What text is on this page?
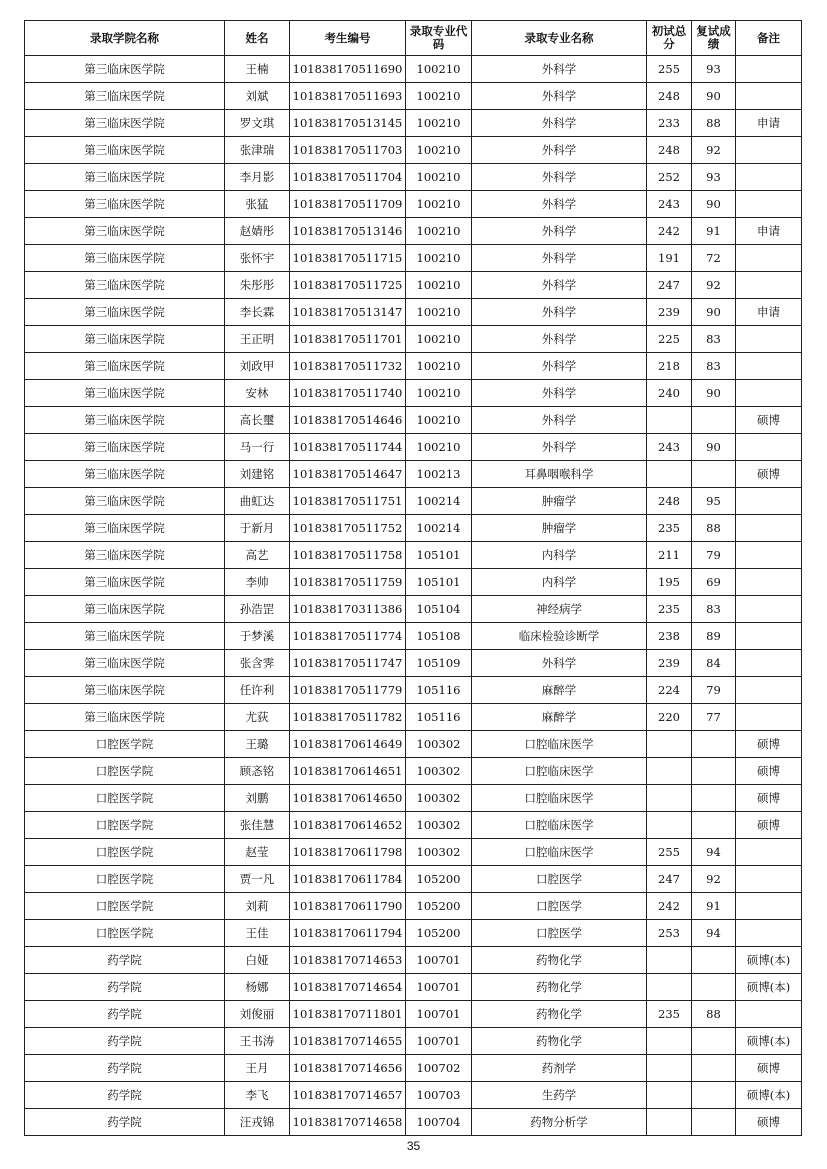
录取学院名称	姓名	考生编号	录取专业代码	录取专业名称	初试总分	复试成绩	备注
第三临床医学院	王楠	101838170511690	100210	外科学	255	93	
第三临床医学院	刘斌	101838170511693	100210	外科学	248	90	
第三临床医学院	罗文琪	101838170513145	100210	外科学	233	88	申请
第三临床医学院	张津瑞	101838170511703	100210	外科学	248	92	
第三临床医学院	李月影	101838170511704	100210	外科学	252	93	
第三临床医学院	张猛	101838170511709	100210	外科学	243	90	
第三临床医学院	赵婧彤	101838170513146	100210	外科学	242	91	申请
第三临床医学院	张怀宇	101838170511715	100210	外科学	191	72	
第三临床医学院	朱彤彤	101838170511725	100210	外科学	247	92	
第三临床医学院	李长霖	101838170513147	100210	外科学	239	90	申请
第三临床医学院	王正明	101838170511701	100210	外科学	225	83	
第三临床医学院	刘政甲	101838170511732	100210	外科学	218	83	
第三临床医学院	安林	101838170511740	100210	外科学	240	90	
第三临床医学院	高长璽	101838170514646	100210	外科学			硕博
第三临床医学院	马一行	101838170511744	100210	外科学	243	90	
第三临床医学院	刘建铭	101838170514647	100213	耳鼻咽喉科学			硕博
第三临床医学院	曲虹达	101838170511751	100214	肿瘤学	248	95	
第三临床医学院	于新月	101838170511752	100214	肿瘤学	235	88	
第三临床医学院	高艺	101838170511758	105101	内科学	211	79	
第三临床医学院	李帅	101838170511759	105101	内科学	195	69	
第三临床医学院	孙浩罡	101838170311386	105104	神经病学	235	83	
第三临床医学院	于梦溪	101838170511774	105108	临床检验诊断学	238	89	
第三临床医学院	张含霁	101838170511747	105109	外科学	239	84	
第三临床医学院	任许利	101838170511779	105116	麻醉学	224	79	
第三临床医学院	尤荻	101838170511782	105116	麻醉学	220	77	
口腔医学院	王璐	101838170614649	100302	口腔临床医学			硕博
口腔医学院	顾忞铭	101838170614651	100302	口腔临床医学			硕博
口腔医学院	刘鹏	101838170614650	100302	口腔临床医学			硕博
口腔医学院	张佳慧	101838170614652	100302	口腔临床医学			硕博
口腔医学院	赵莹	101838170611798	100302	口腔临床医学	255	94	
口腔医学院	贾一凡	101838170611784	105200	口腔医学	247	92	
口腔医学院	刘莉	101838170611790	105200	口腔医学	242	91	
口腔医学院	王佳	101838170611794	105200	口腔医学	253	94	
药学院	白娅	101838170714653	100701	药物化学			硕博(本)
药学院	杨娜	101838170714654	100701	药物化学			硕博(本)
药学院	刘俊丽	101838170711801	100701	药物化学	235	88	
药学院	王书涛	101838170714655	100701	药物化学			硕博(本)
药学院	王月	101838170714656	100702	药剂学			硕博
药学院	李飞	101838170714657	100703	生药学			硕博(本)
药学院	汪戎锦	101838170714658	100704	药物分析学			硕博
35
